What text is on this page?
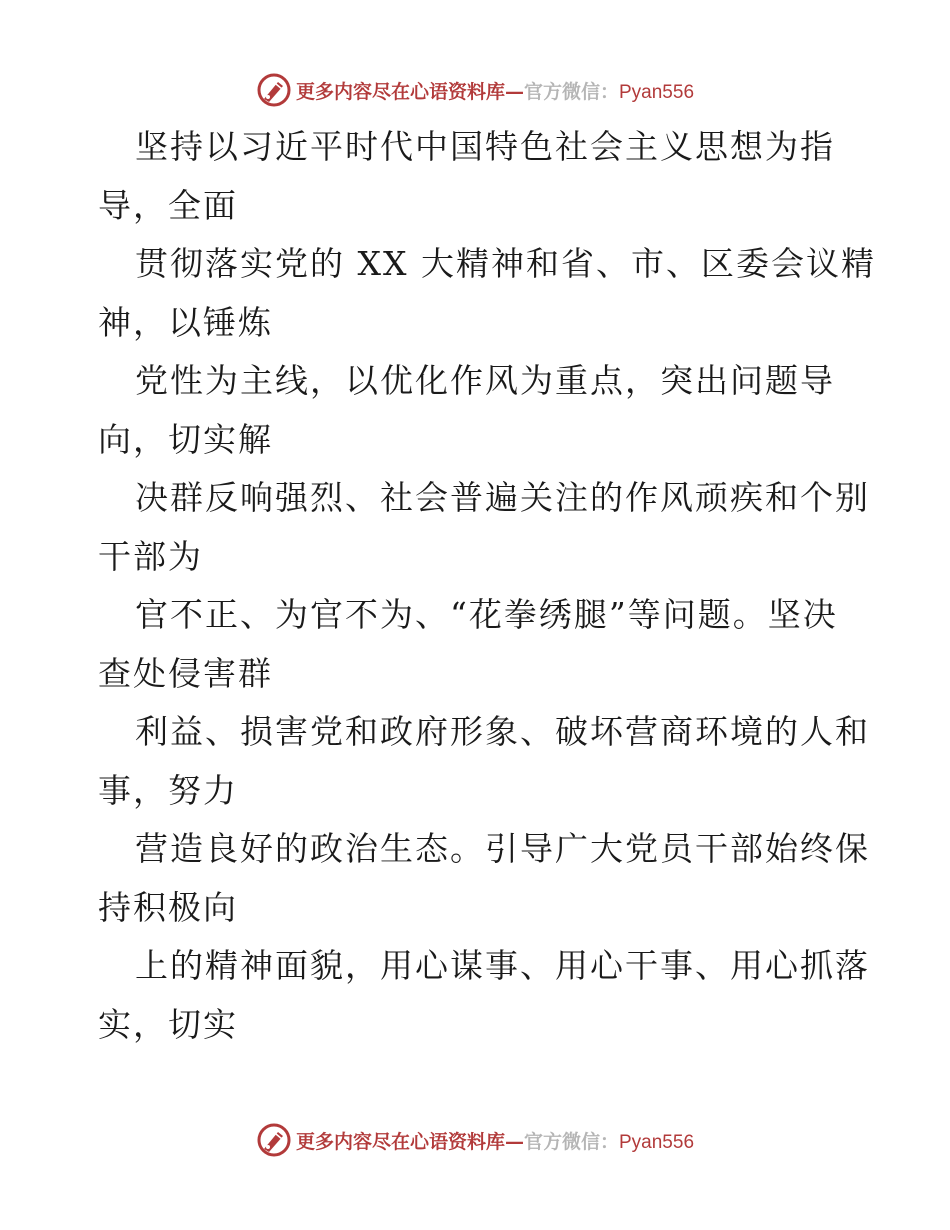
更多内容尽在心语资料库—官方微信：Pyan556
坚持以习近平时代中国特色社会主义思想为指
导，全面
贯彻落实党的 XX 大精神和省、市、区委会议精
神，以锤炼
党性为主线，以优化作风为重点，突出问题导
向，切实解
决群反响强烈、社会普遍关注的作风顽疾和个别
干部为
官不正、为官不为、“花拳绣腿”等问题。坚决
查处侵害群
利益、损害党和政府形象、破坏营商环境的人和
事，努力
营造良好的政治生态。引导广大党员干部始终保
持积极向
上的精神面貌，用心谋事、用心干事、用心抓落
实，切实
更多内容尽在心语资料库—官方微信：Pyan556
